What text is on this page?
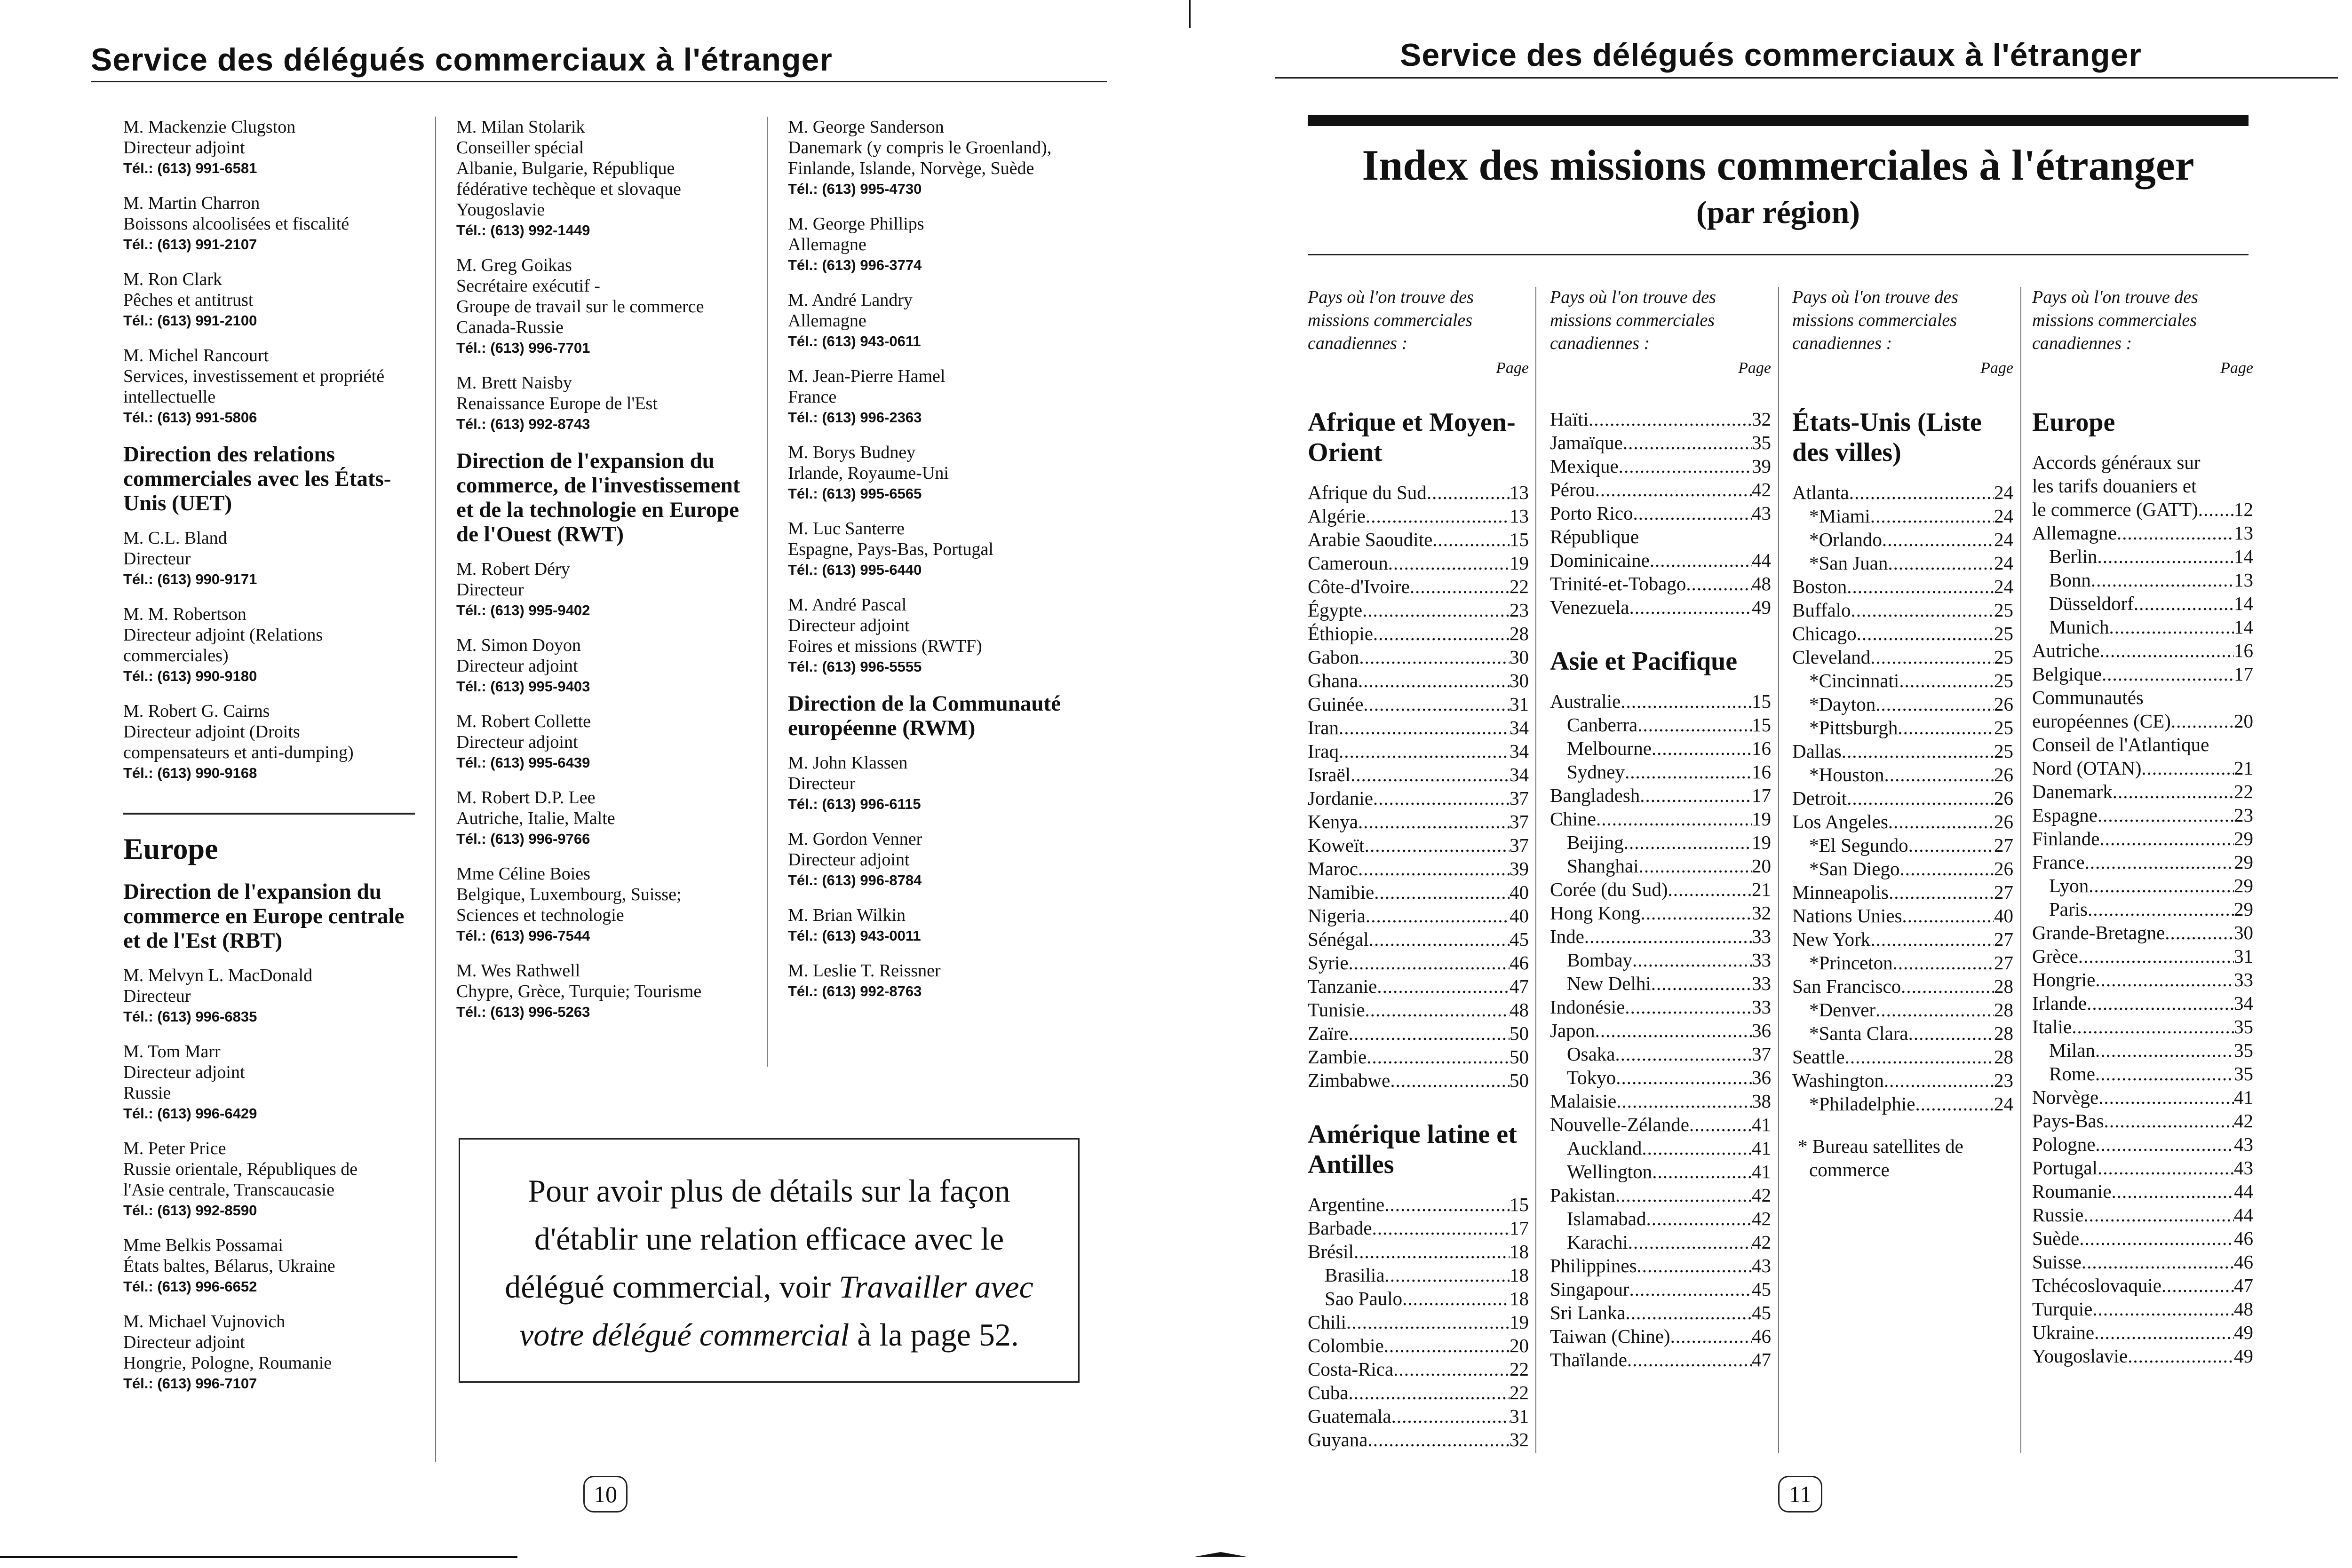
Service des délégués commerciaux à l'étranger
M. Mackenzie Clugston
Directeur adjoint
Tél.: (613) 991-6581
M. Martin Charron
Boissons alcoolisées et fiscalité
Tél.: (613) 991-2107
M. Ron Clark
Pêches et antitrust
Tél.: (613) 991-2100
M. Michel Rancourt
Services, investissement et propriété
intellectuelle
Tél.: (613) 991-5806
Direction des relations commerciales avec les États-Unis (UET)
M. C.L. Bland
Directeur
Tél.: (613) 990-9171
M. M. Robertson
Directeur adjoint (Relations
commerciales)
Tél.: (613) 990-9180
M. Robert G. Cairns
Directeur adjoint (Droits
compensateurs et anti-dumping)
Tél.: (613) 990-9168
Europe
Direction de l'expansion du commerce en Europe centrale et de l'Est (RBT)
M. Melvyn L. MacDonald
Directeur
Tél.: (613) 996-6835
M. Tom Marr
Directeur adjoint
Russie
Tél.: (613) 996-6429
M. Peter Price
Russie orientale, Républiques de
l'Asie centrale, Transcaucasie
Tél.: (613) 992-8590
Mme Belkis Possamai
États baltes, Bélarus, Ukraine
Tél.: (613) 996-6652
M. Michael Vujnovich
Directeur adjoint
Hongrie, Pologne, Roumanie
Tél.: (613) 996-7107
M. Milan Stolarik
Conseiller spécial
Albanie, Bulgarie, République
fédérative techèque et slovaque
Yougoslavie
Tél.: (613) 992-1449
M. Greg Goikas
Secrétaire exécutif -
Groupe de travail sur le commerce
Canada-Russie
Tél.: (613) 996-7701
M. Brett Naisby
Renaissance Europe de l'Est
Tél.: (613) 992-8743
Direction de l'expansion du commerce, de l'investissement et de la technologie en Europe de l'Ouest (RWT)
M. Robert Déry
Directeur
Tél.: (613) 995-9402
M. Simon Doyon
Directeur adjoint
Tél.: (613) 995-9403
M. Robert Collette
Directeur adjoint
Tél.: (613) 995-6439
M. Robert D.P. Lee
Autriche, Italie, Malte
Tél.: (613) 996-9766
Mme Céline Boies
Belgique, Luxembourg, Suisse;
Sciences et technologie
Tél.: (613) 996-7544
M. Wes Rathwell
Chypre, Grèce, Turquie; Tourisme
Tél.: (613) 996-5263
M. George Sanderson
Danemark (y compris le Groenland),
Finlande, Islande, Norvège, Suède
Tél.: (613) 995-4730
M. George Phillips
Allemagne
Tél.: (613) 996-3774
M. André Landry
Allemagne
Tél.: (613) 943-0611
M. Jean-Pierre Hamel
France
Tél.: (613) 996-2363
M. Borys Budney
Irlande, Royaume-Uni
Tél.: (613) 995-6565
M. Luc Santerre
Espagne, Pays-Bas, Portugal
Tél.: (613) 995-6440
M. André Pascal
Directeur adjoint
Foires et missions (RWTF)
Tél.: (613) 996-5555
Direction de la Communauté européenne (RWM)
M. John Klassen
Directeur
Tél.: (613) 996-6115
M. Gordon Venner
Directeur adjoint
Tél.: (613) 996-8784
M. Brian Wilkin
Tél.: (613) 943-0011
M. Leslie T. Reissner
Tél.: (613) 992-8763
Pour avoir plus de détails sur la façon
d'établir une relation efficace avec le
délégué commercial, voir Travailler avec
votre délégué commercial à la page 52.
10
Service des délégués commerciaux à l'étranger
Index des missions commerciales à l'étranger
(par région)
Pays où l'on trouve des missions commerciales canadiennes :
Page
Afrique et Moyen-Orient
Afrique du Sud .....	13
Algérie .....	13
Arabie Saoudite .....	15
Cameroun .....	19
Côte-d'Ivoire .....	22
Égypte .....	23
Éthiopie .....	28
Gabon .....	30
Ghana .....	30
Guinée .....	31
Iran .....	34
Iraq .....	34
Israël .....	34
Jordanie .....	37
Kenya .....	37
Koweït .....	37
Maroc .....	39
Namibie .....	40
Nigeria .....	40
Sénégal .....	45
Syrie .....	46
Tanzanie .....	47
Tunisie .....	48
Zaïre .....	50
Zambie .....	50
Zimbabwe .....	50
Amérique latine et Antilles
Argentine .....	15
Barbade .....	17
Brésil .....	18
Brasilia .....	18
Sao Paulo .....	18
Chili .....	19
Colombie .....	20
Costa-Rica .....	22
Cuba .....	22
Guatemala .....	31
Guyana .....	32
Pays où l'on trouve des missions commerciales canadiennes :
Page
Haïti .....	32
Jamaïque .....	35
Mexique .....	39
Pérou .....	42
Porto Rico .....	43
République
Dominicaine .....	44
Trinité-et-Tobago .....	48
Venezuela .....	49
Asie et Pacifique
Australie .....	15
Canberra .....	15
Melbourne .....	16
Sydney .....	16
Bangladesh .....	17
Chine .....	19
Beijing .....	19
Shanghai .....	20
Corée (du Sud) .....	21
Hong Kong .....	32
Inde .....	33
Bombay .....	33
New Delhi .....	33
Indonésie .....	33
Japon .....	36
Osaka .....	37
Tokyo .....	36
Malaisie .....	38
Nouvelle-Zélande .....	41
Auckland .....	41
Wellington .....	41
Pakistan .....	42
Islamabad .....	42
Karachi .....	42
Philippines .....	43
Singapour .....	45
Sri Lanka .....	45
Taiwan (Chine) .....	46
Thaïlande .....	47
Pays où l'on trouve des missions commerciales canadiennes :
Page
États-Unis (Liste des villes)
Atlanta .....	24
*Miami .....	24
*Orlando .....	24
*San Juan .....	24
Boston .....	24
Buffalo .....	25
Chicago .....	25
Cleveland .....	25
*Cincinnati .....	25
*Dayton .....	26
*Pittsburgh .....	25
Dallas .....	25
*Houston .....	26
Detroit .....	26
Los Angeles .....	26
*El Segundo .....	27
*San Diego .....	26
Minneapolis .....	27
Nations Unies .....	40
New York .....	27
*Princeton .....	27
San Francisco .....	28
*Denver .....	28
*Santa Clara .....	28
Seattle .....	28
Washington .....	23
*Philadelphie .....	24
* Bureau satellites de commerce
Pays où l'on trouve des missions commerciales canadiennes :
Page
Europe
Accords généraux sur
les tarifs douaniers et
le commerce (GATT) ..... 12
Allemagne .....	13
Berlin .....	14
Bonn .....	13
Düsseldorf .....	14
Munich .....	14
Autriche .....	16
Belgique .....	17
Communautés
européennes (CE) .....	20
Conseil de l'Atlantique
Nord (OTAN) .....	21
Danemark .....	22
Espagne .....	23
Finlande .....	29
France .....	29
Lyon .....	29
Paris .....	29
Grande-Bretagne .....	30
Grèce .....	31
Hongrie .....	33
Irlande .....	34
Italie .....	35
Milan .....	35
Rome .....	35
Norvège .....	41
Pays-Bas .....	42
Pologne .....	43
Portugal .....	43
Roumanie .....	44
Russie .....	44
Suède .....	46
Suisse .....	46
Tchécoslovaquie .....	47
Turquie .....	48
Ukraine .....	49
Yougoslavie .....	49
11
